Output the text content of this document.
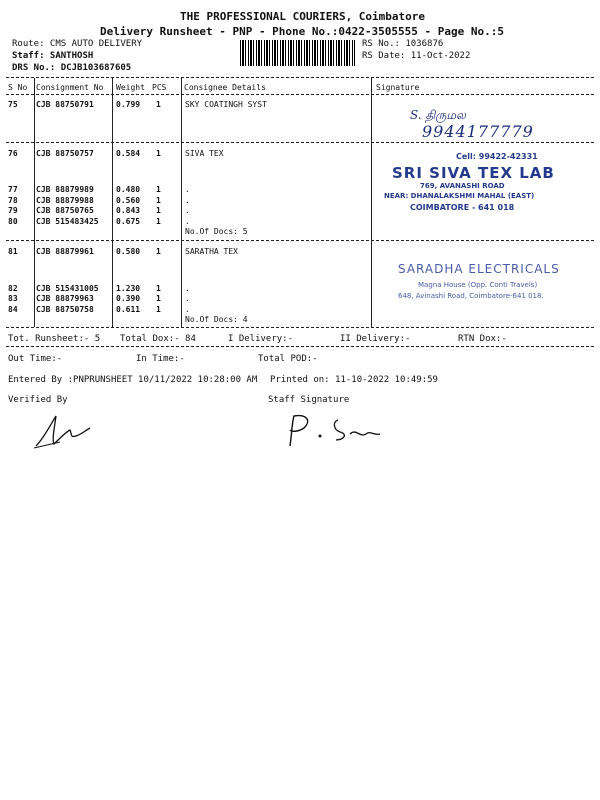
THE PROFESSIONAL COURIERS, Coimbatore
Delivery Runsheet - PNP - Phone No.:0422-3505555 - Page No.:5
Route: CMS AUTO DELIVERY
Staff: SANTHOSH
DRS No.: DCJB103687605
RS No.: 1036876
RS Date: 11-Oct-2022
S No Consignment No Weight PCS Consignee Details	Signature
75 CJB 88750791	0.799 1	SKY COATINGH SYST
S. திருமல
9944177779
76 CJB 88750757	0.584 1	SIVA TEX
77 CJB 88879989	0.480 1	.
78 CJB 88879988	0.560 1	.
79 CJB 88750765	0.843 1	.
80 CJB 515483425 0.675 1	.
No.Of Docs: 5
Cell: 99422-42331
SRI SIVA TEX LAB
769, AVANASHI ROAD
NEAR: DHANALAKSHMI MAHAL (EAST)
COIMBATORE - 641 018
81 CJB 88879961	0.580 1	SARATHA TEX
82 CJB 515431005 1.230 1	.
83 CJB 88879963	0.390 1	.
84 CJB 88750758	0.611 1	.
No.Of Docs: 4
SARADHA ELECTRICALS
Magna House (Opp. Conti Travels)
648, Avinashi Road, Coimbatore-641 018.
Tot. Runsheet:- 5 Total Dox:- 84	I Delivery:-	II Delivery:-	RTN Dox:-
Out Time:-	In Time:-	Total POD:-
Entered By :PNPRUNSHEET 10/11/2022 10:28:00 AM Printed on: 11-10-2022 10:49:59
Verified By	Staff Signature
